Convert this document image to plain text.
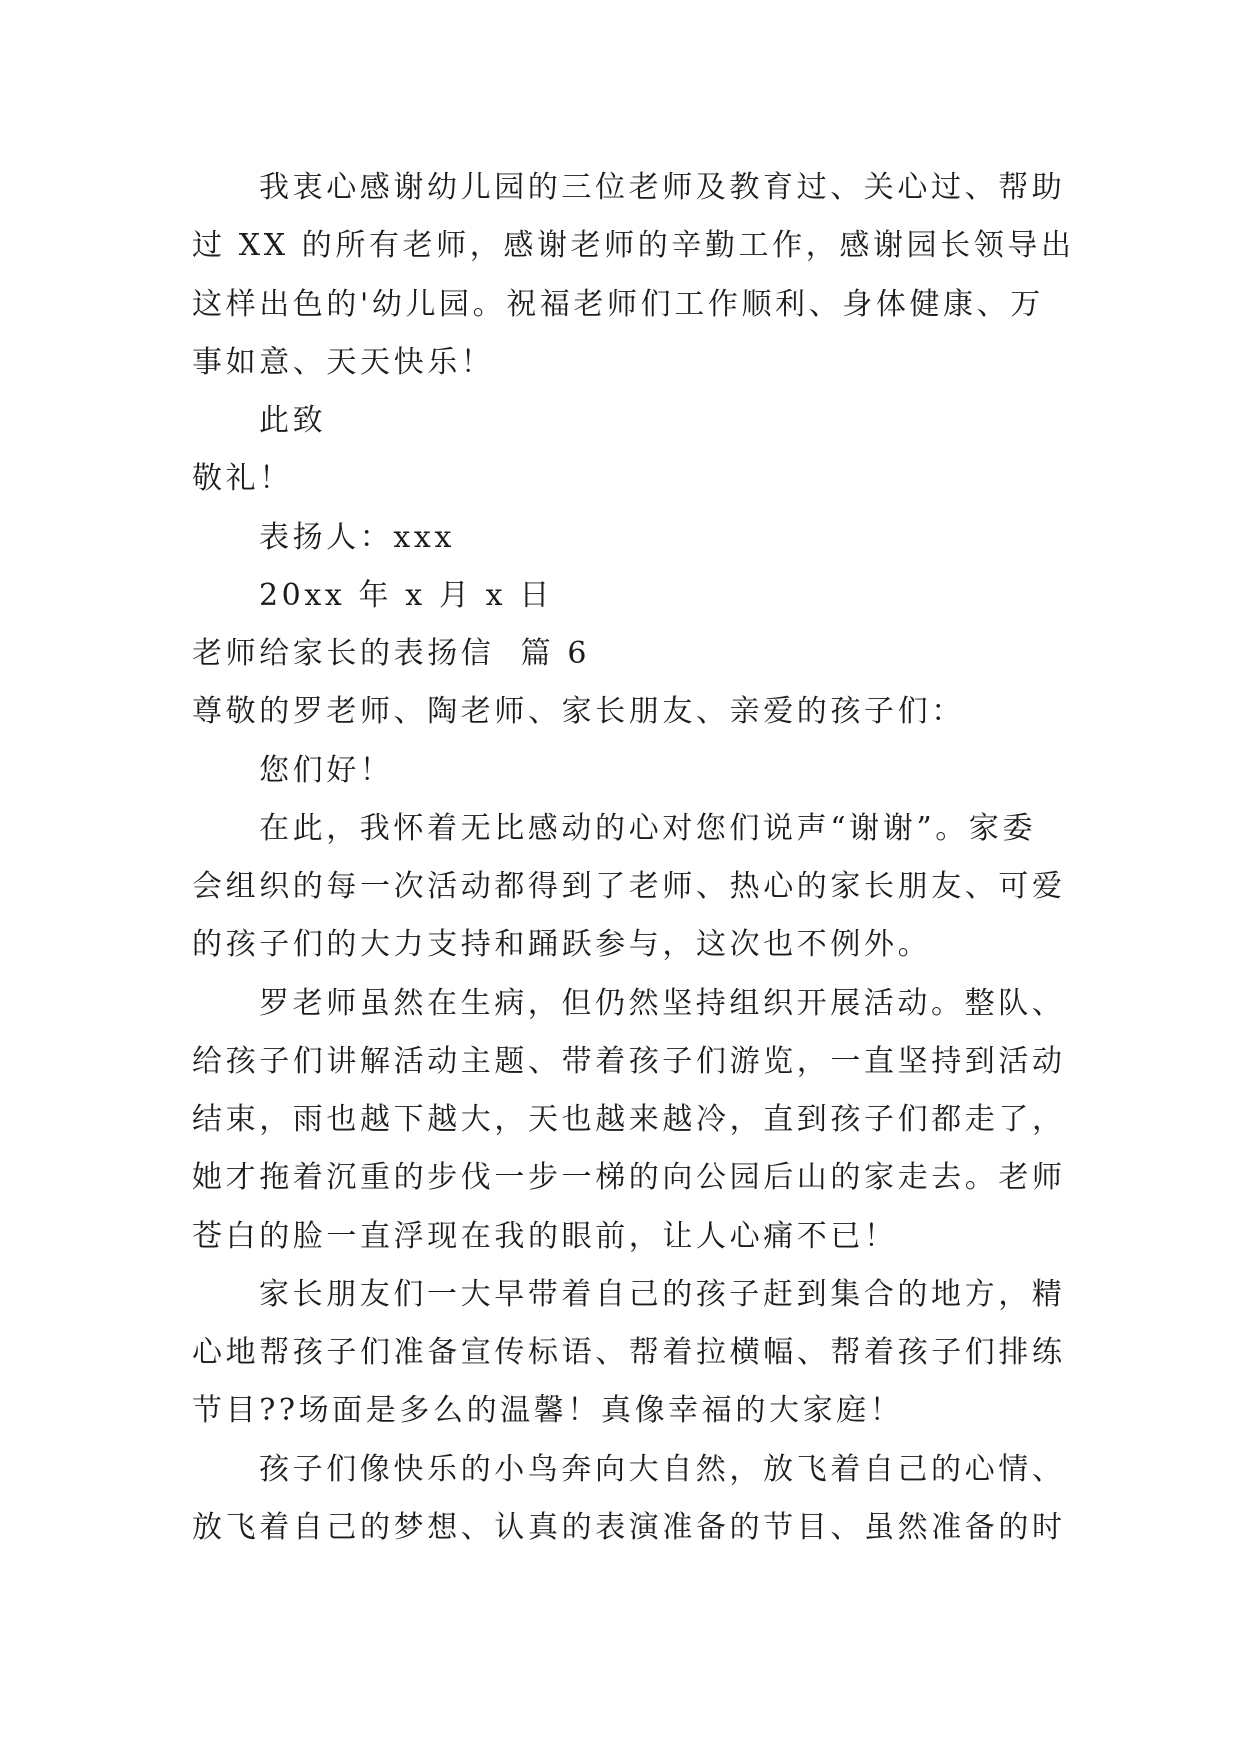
我衷心感谢幼儿园的三位老师及教育过、关心过、帮助
过 XX 的所有老师，感谢老师的辛勤工作，感谢园长领导出
这样出色的'幼儿园。祝福老师们工作顺利、身体健康、万
事如意、天天快乐！
此致
敬礼！
表扬人：xxx
20xx 年 x 月 x 日
老师给家长的表扬信  篇 6
尊敬的罗老师、陶老师、家长朋友、亲爱的孩子们：
您们好！
在此，我怀着无比感动的心对您们说声“谢谢”。家委
会组织的每一次活动都得到了老师、热心的家长朋友、可爱
的孩子们的大力支持和踊跃参与，这次也不例外。
罗老师虽然在生病，但仍然坚持组织开展活动。整队、
给孩子们讲解活动主题、带着孩子们游览，一直坚持到活动
结束，雨也越下越大，天也越来越冷，直到孩子们都走了，
她才拖着沉重的步伐一步一梯的向公园后山的家走去。老师
苍白的脸一直浮现在我的眼前，让人心痛不已！
家长朋友们一大早带着自己的孩子赶到集合的地方，精
心地帮孩子们准备宣传标语、帮着拉横幅、帮着孩子们排练
节目??场面是多么的温馨！真像幸福的大家庭！
孩子们像快乐的小鸟奔向大自然，放飞着自己的心情、
放飞着自己的梦想、认真的表演准备的节目、虽然准备的时
